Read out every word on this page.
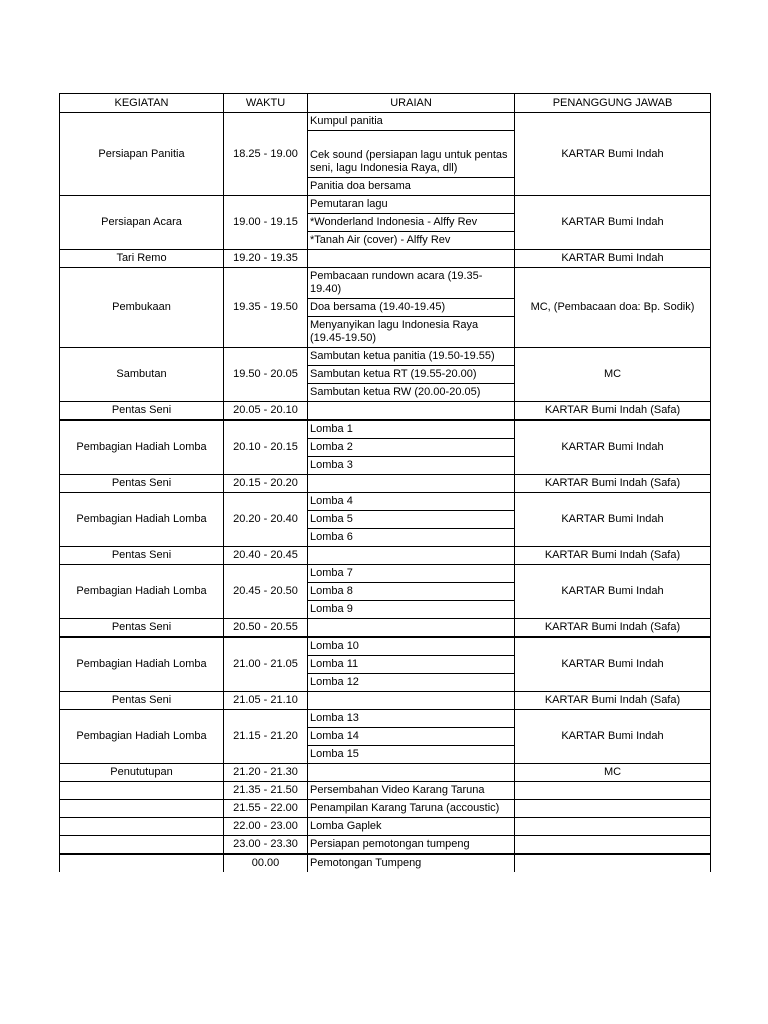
KEGIATAN	WAKTU	URAIAN	PENANGGUNG JAWAB
Persiapan Panitia	18.25 - 19.00	Kumpul panitia
Cek sound (persiapan lagu untuk pentas seni, lagu Indonesia Raya, dll)
Panitia doa bersama	KARTAR Bumi Indah
Persiapan Acara	19.00 - 19.15	Pemutaran lagu
*Wonderland Indonesia - Alffy Rev
*Tanah Air (cover) - Alffy Rev	KARTAR Bumi Indah
Tari Remo	19.20 - 19.35		KARTAR Bumi Indah
Pembukaan	19.35 - 19.50	Pembacaan rundown acara (19.35-19.40)
Doa bersama (19.40-19.45)
Menyanyikan lagu Indonesia Raya (19.45-19.50)	MC, (Pembacaan doa: Bp. Sodik)
Sambutan	19.50 - 20.05	Sambutan ketua panitia (19.50-19.55)
Sambutan ketua RT (19.55-20.00)
Sambutan ketua RW (20.00-20.05)	MC
Pentas Seni	20.05 - 20.10		KARTAR Bumi Indah (Safa)
Pembagian Hadiah Lomba	20.10 - 20.15	Lomba 1
Lomba 2
Lomba 3	KARTAR Bumi Indah
Pentas Seni	20.15 - 20.20		KARTAR Bumi Indah (Safa)
Pembagian Hadiah Lomba	20.20 - 20.40	Lomba 4
Lomba 5
Lomba 6	KARTAR Bumi Indah
Pentas Seni	20.40 - 20.45		KARTAR Bumi Indah (Safa)
Pembagian Hadiah Lomba	20.45 - 20.50	Lomba 7
Lomba 8
Lomba 9	KARTAR Bumi Indah
Pentas Seni	20.50 - 20.55		KARTAR Bumi Indah (Safa)
Pembagian Hadiah Lomba	21.00 - 21.05	Lomba 10
Lomba 11
Lomba 12	KARTAR Bumi Indah
Pentas Seni	21.05 - 21.10		KARTAR Bumi Indah (Safa)
Pembagian Hadiah Lomba	21.15 - 21.20	Lomba 13
Lomba 14
Lomba 15	KARTAR Bumi Indah
Penututupan	21.20 - 21.30		MC
	21.35 - 21.50	Persembahan Video Karang Taruna	
	21.55 - 22.00	Penampilan Karang Taruna (accoustic)	
	22.00 - 23.00	Lomba Gaplek	
	23.00 - 23.30	Persiapan pemotongan tumpeng	
	00.00	Pemotongan Tumpeng	
